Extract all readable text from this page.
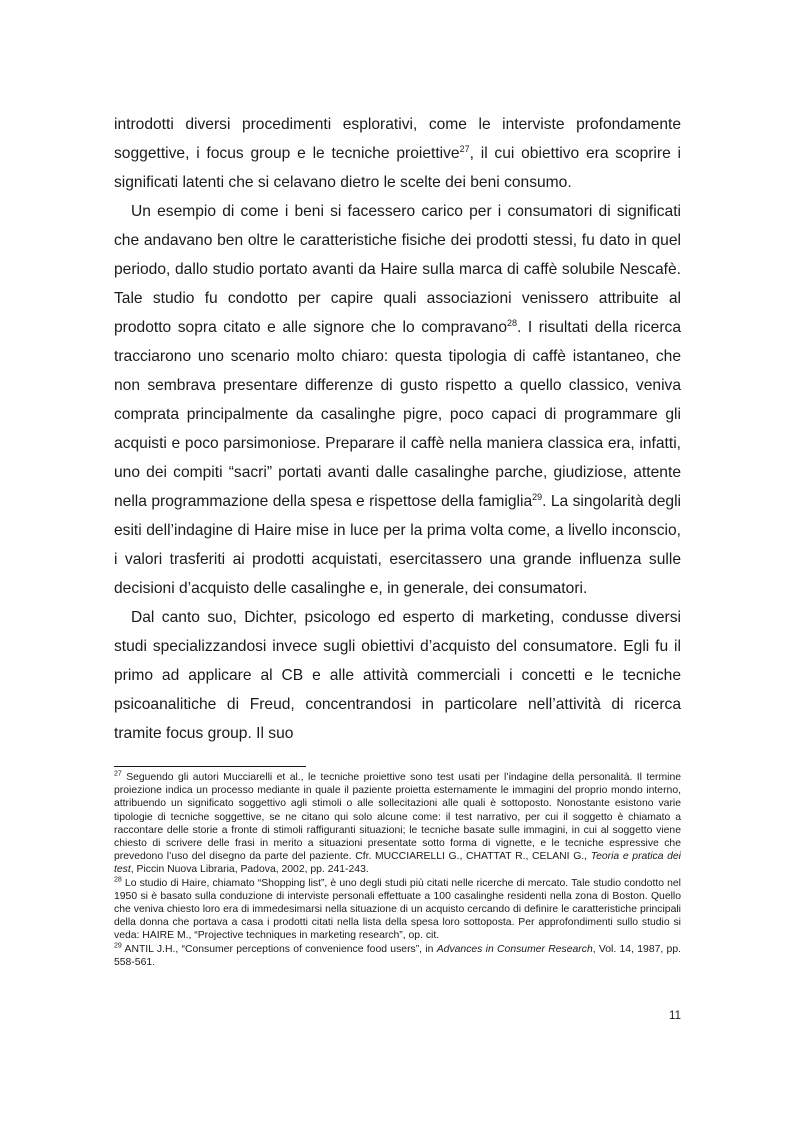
introdotti diversi procedimenti esplorativi, come le interviste profondamente soggettive, i focus group e le tecniche proiettive$^{27}$, il cui obiettivo era scoprire i significati latenti che si celavano dietro le scelte dei beni consumo.

Un esempio di come i beni si facessero carico per i consumatori di significati che andavano ben oltre le caratteristiche fisiche dei prodotti stessi, fu dato in quel periodo, dallo studio portato avanti da Haire sulla marca di caffè solubile Nescafè. Tale studio fu condotto per capire quali associazioni venissero attribuite al prodotto sopra citato e alle signore che lo compravano$^{28}$. I risultati della ricerca tracciarono uno scenario molto chiaro: questa tipologia di caffè istantaneo, che non sembrava presentare differenze di gusto rispetto a quello classico, veniva comprata principalmente da casalinghe pigre, poco capaci di programmare gli acquisti e poco parsimoniose. Preparare il caffè nella maniera classica era, infatti, uno dei compiti “sacri” portati avanti dalle casalinghe parche, giudiziose, attente nella programmazione della spesa e rispettose della famiglia$^{29}$. La singolarità degli esiti dell’indagine di Haire mise in luce per la prima volta come, a livello inconscio, i valori trasferiti ai prodotti acquistati, esercitassero una grande influenza sulle decisioni d’acquisto delle casalinghe e, in generale, dei consumatori.

Dal canto suo, Dichter, psicologo ed esperto di marketing, condusse diversi studi specializzandosi invece sugli obiettivi d’acquisto del consumatore. Egli fu il primo ad applicare al CB e alle attività commerciali i concetti e le tecniche psicoanalitiche di Freud, concentrandosi in particolare nell’attività di ricerca tramite focus group. Il suo

$^{27}$ Seguendo gli autori Mucciarelli et al., le tecniche proiettive sono test usati per l’indagine della personalità. Il termine proiezione indica un processo mediante in quale il paziente proietta esternamente le immagini del proprio mondo interno, attribuendo un significato soggettivo agli stimoli o alle sollecitazioni alle quali è sottoposto. Nonostante esistono varie tipologie di tecniche soggettive, se ne citano qui solo alcune come: il test narrativo, per cui il soggetto è chiamato a raccontare delle storie a fronte di stimoli raffiguranti situazioni; le tecniche basate sulle immagini, in cui al soggetto viene chiesto di scrivere delle frasi in merito a situazioni presentate sotto forma di vignette, e le tecniche espressive che prevedono l’uso del disegno da parte del paziente. Cfr. MUCCIARELLI G., CHATTAT R., CELANI G., Teoria e pratica dei test, Piccin Nuova Libraria, Padova, 2002, pp. 241-243.

$^{28}$ Lo studio di Haire, chiamato “Shopping list”, è uno degli studi più citati nelle ricerche di mercato. Tale studio condotto nel 1950 si è basato sulla conduzione di interviste personali effettuate a 100 casalinghe residenti nella zona di Boston. Quello che veniva chiesto loro era di immedesimarsi nella situazione di un acquisto cercando di definire le caratteristiche principali della donna che portava a casa i prodotti citati nella lista della spesa loro sottoposta. Per approfondimenti sullo studio si veda: HAIRE M., “Projective techniques in marketing research”, op. cit.

$^{29}$ ANTIL J.H., “Consumer perceptions of convenience food users”, in Advances in Consumer Research, Vol. 14, 1987, pp. 558-561.

11
